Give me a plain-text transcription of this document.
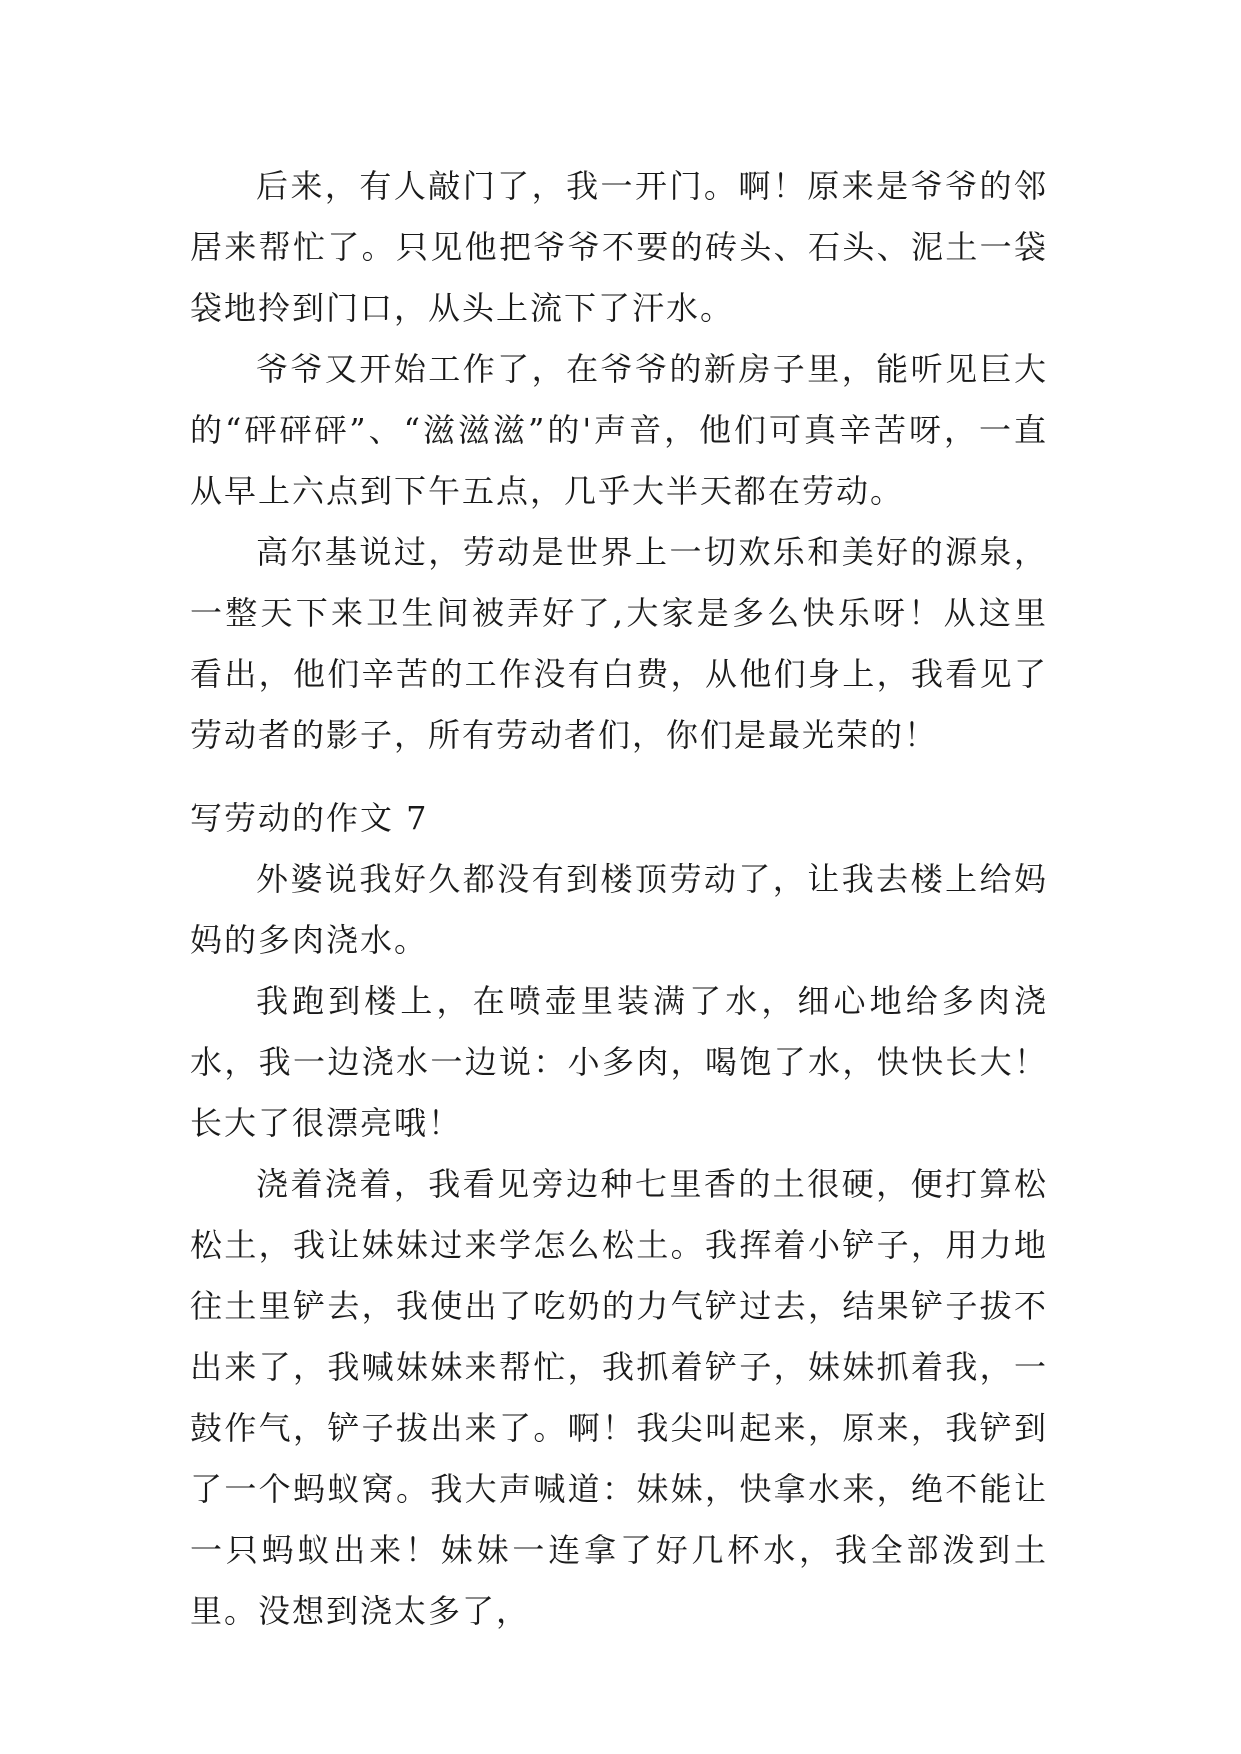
后来，有人敲门了，我一开门。啊！原来是爷爷的邻居来帮忙了。只见他把爷爷不要的砖头、石头、泥土一袋袋地拎到门口，从头上流下了汗水。

爷爷又开始工作了，在爷爷的新房子里，能听见巨大的“砰砰砰”、“滋滋滋”的'声音，他们可真辛苦呀，一直从早上六点到下午五点，几乎大半天都在劳动。

高尔基说过，劳动是世界上一切欢乐和美好的源泉，一整天下来卫生间被弄好了,大家是多么快乐呀！从这里看出，他们辛苦的工作没有白费，从他们身上，我看见了劳动者的影子，所有劳动者们，你们是最光荣的！

写劳动的作文 7

外婆说我好久都没有到楼顶劳动了，让我去楼上给妈妈的多肉浇水。

我跑到楼上，在喷壶里装满了水，细心地给多肉浇水，我一边浇水一边说：小多肉，喝饱了水，快快长大！长大了很漂亮哦！

浇着浇着，我看见旁边种七里香的土很硬，便打算松松土，我让妹妹过来学怎么松土。我挥着小铲子，用力地往土里铲去，我使出了吃奶的力气铲过去，结果铲子拔不出来了，我喊妹妹来帮忙，我抓着铲子，妹妹抓着我，一鼓作气，铲子拔出来了。啊！我尖叫起来，原来，我铲到了一个蚂蚁窝。我大声喊道：妹妹，快拿水来，绝不能让一只蚂蚁出来！妹妹一连拿了好几杯水，我全部泼到土里。没想到浇太多了，
